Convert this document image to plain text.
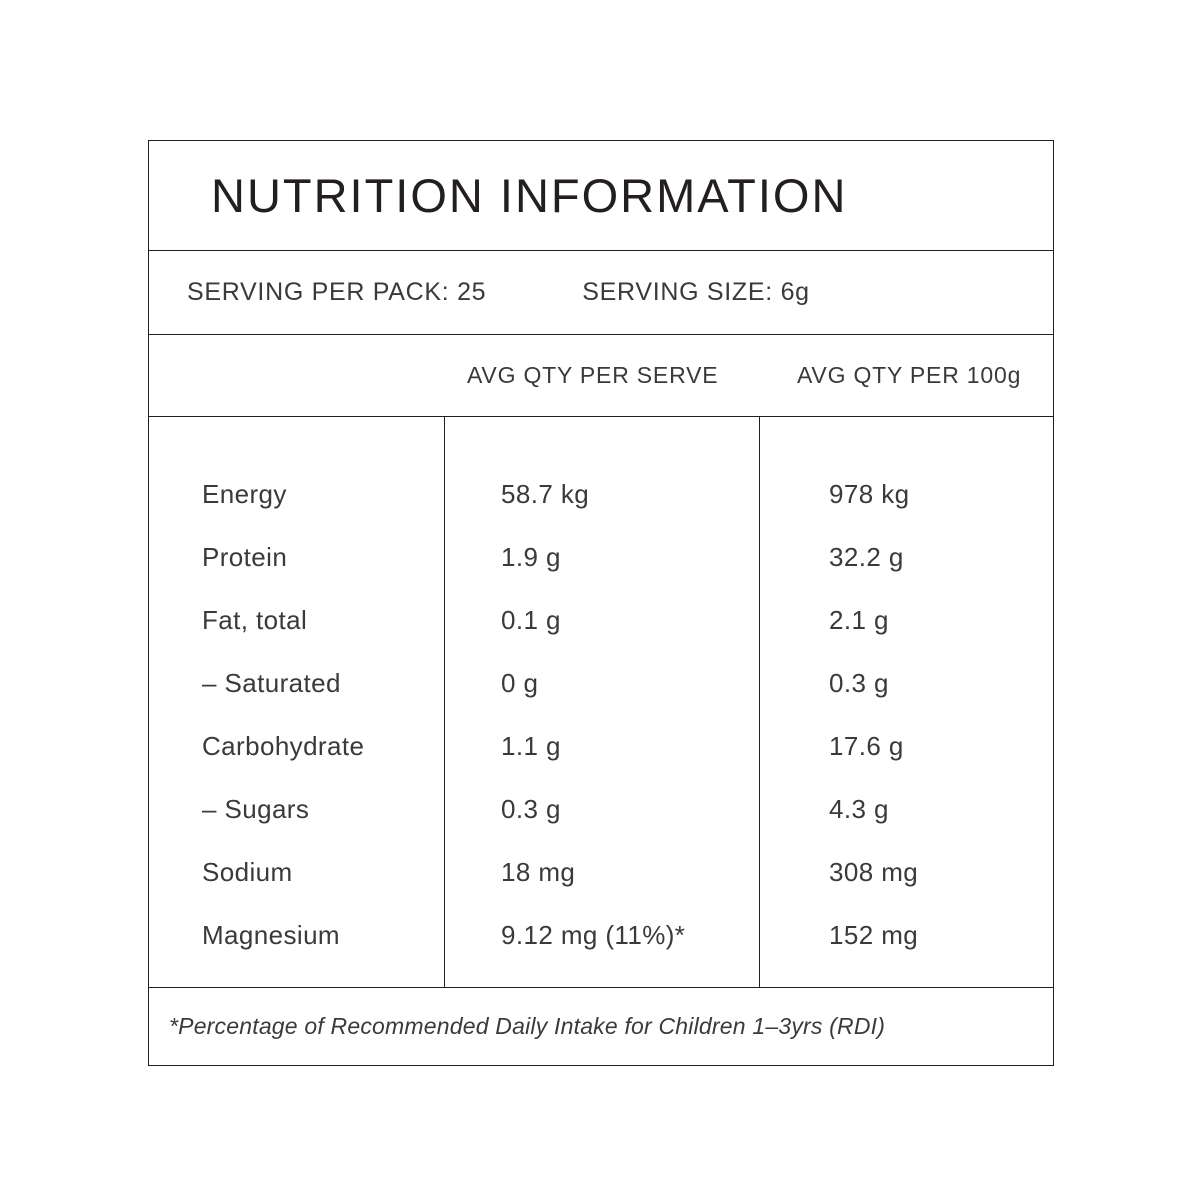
NUTRITION INFORMATION
SERVING PER PACK: 25	SERVING SIZE: 6g
AVG QTY PER SERVE	AVG QTY PER 100g
Energy
Protein
Fat, total
– Saturated
Carbohydrate
– Sugars
Sodium
Magnesium
58.7 kg
1.9 g
0.1 g
0 g
1.1 g
0.3 g
18 mg
9.12 mg (11%)*
978 kg
32.2 g
2.1 g
0.3 g
17.6 g
4.3 g
308 mg
152 mg
*Percentage of Recommended Daily Intake for Children 1–3yrs (RDI)
